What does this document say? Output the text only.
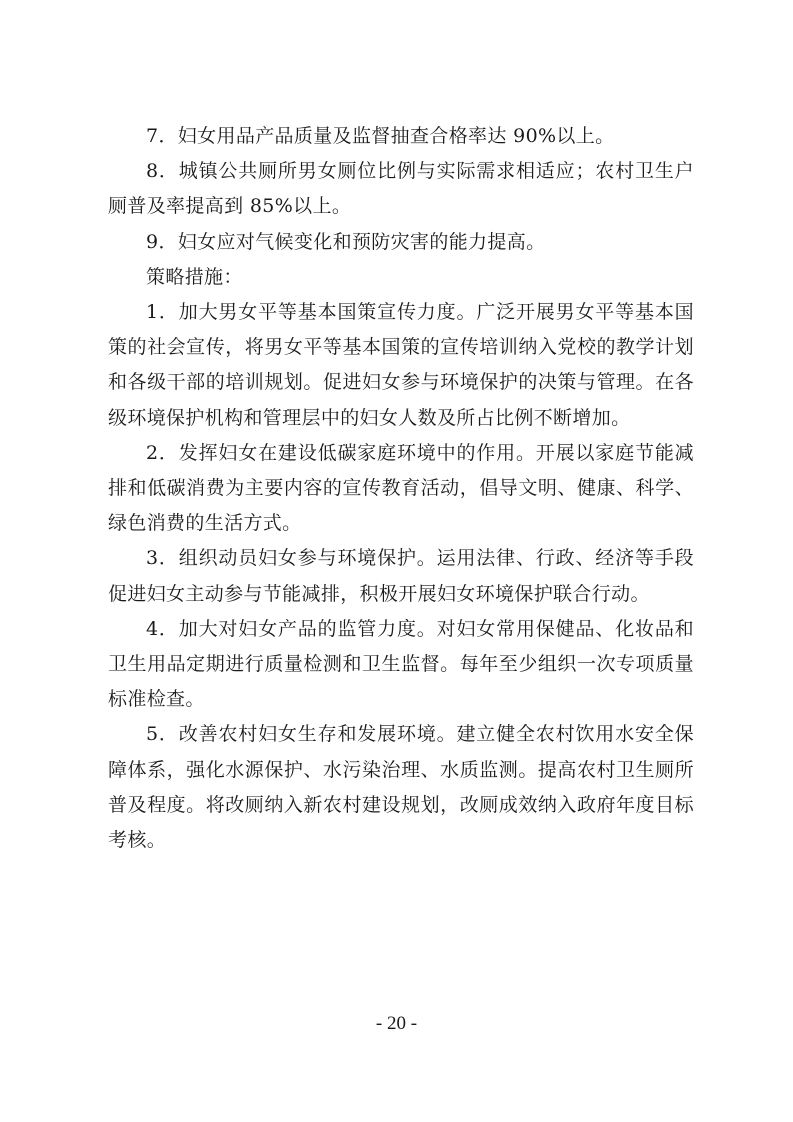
7．妇女用品产品质量及监督抽查合格率达 90%以上。

8．城镇公共厕所男女厕位比例与实际需求相适应；农村卫生户厕普及率提高到 85%以上。

9．妇女应对气候变化和预防灾害的能力提高。

策略措施：

1．加大男女平等基本国策宣传力度。广泛开展男女平等基本国策的社会宣传，将男女平等基本国策的宣传培训纳入党校的教学计划和各级干部的培训规划。促进妇女参与环境保护的决策与管理。在各级环境保护机构和管理层中的妇女人数及所占比例不断增加。

2．发挥妇女在建设低碳家庭环境中的作用。开展以家庭节能减排和低碳消费为主要内容的宣传教育活动，倡导文明、健康、科学、绿色消费的生活方式。

3．组织动员妇女参与环境保护。运用法律、行政、经济等手段促进妇女主动参与节能减排，积极开展妇女环境保护联合行动。

4．加大对妇女产品的监管力度。对妇女常用保健品、化妆品和卫生用品定期进行质量检测和卫生监督。每年至少组织一次专项质量标准检查。

5．改善农村妇女生存和发展环境。建立健全农村饮用水安全保障体系，强化水源保护、水污染治理、水质监测。提高农村卫生厕所普及程度。将改厕纳入新农村建设规划，改厕成效纳入政府年度目标考核。

- 20 -
